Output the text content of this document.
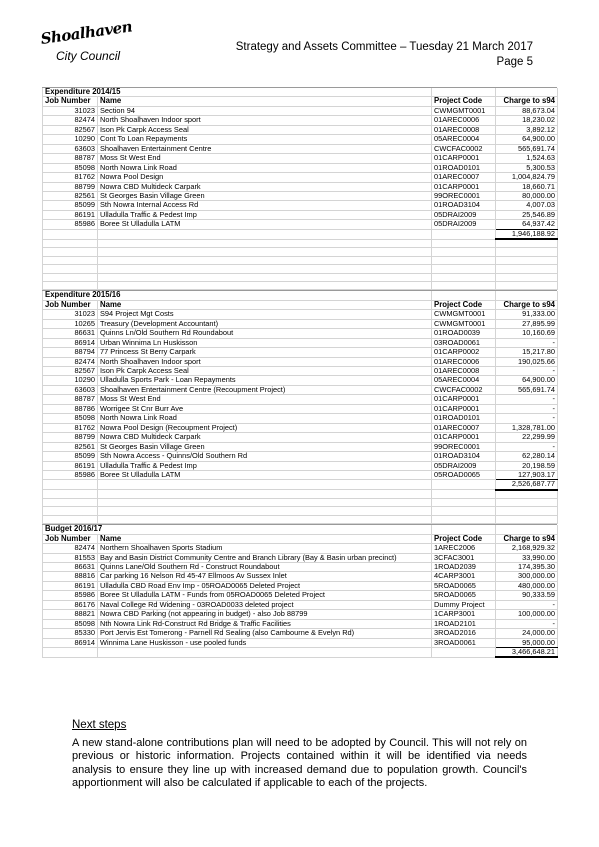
Shoalhaven
City Council
Strategy and Assets Committee – Tuesday 21 March 2017
Page 5
Expenditure 2014/15			
Job Number	Name	Project Code	Charge to s94
31023	Section 94	CWMGMT0001	88,673.04
82474	North Shoalhaven Indoor sport	01AREC0006	18,230.02
82567	Ison Pk Carpk Access Seal	01AREC0008	3,892.12
10290	Cont To Loan Repayments	05AREC0004	64,900.00
63603	Shoalhaven Entertainment Centre	CWCFAC0002	565,691.74
88787	Moss St West End	01CARP0001	1,524.63
85098	North Nowra Link Road	01ROAD0101	5,300.53
81762	Nowra Pool Design	01AREC0007	1,004,824.79
88799	Nowra CBD Multideck Carpark	01CARP0001	18,660.71
82561	St Georges Basin Village Green	99OREC0001	80,000.00
85099	Sth Nowra Internal Access Rd	01ROAD3104	4,007.03
86191	Ulladulla Traffic & Pedest Imp	05DRAI2009	25,546.89
85986	Boree St Ulladulla LATM	05DRAI2009	64,937.42
			1,946,188.92

Expenditure 2015/16			
Job Number	Name	Project Code	Charge to s94
31023	S94 Project Mgt Costs	CWMGMT0001	91,333.00
10265	Treasury (Development Accountant)	CWMGMT0001	27,895.99
86631	Quinns Ln/Old Southern Rd Roundabout	01ROAD0039	10,160.69
86914	Urban Winnima Ln Huskisson	03ROAD0061	-
88794	77 Princess St Berry Carpark	01CARP0002	15,217.80
82474	North Shoalhaven Indoor sport	01AREC0006	190,025.66
82567	Ison Pk Carpk Access Seal	01AREC0008	-
10290	Ulladulla Sports Park - Loan Repayments	05AREC0004	64,900.00
63603	Shoalhaven Entertainment Centre (Recoupment Project)	CWCFAC0002	565,691.74
88787	Moss St West End	01CARP0001	-
88786	Worrigee St Cnr Burr Ave	01CARP0001	-
85098	North Nowra Link Road	01ROAD0101	-
81762	Nowra Pool Design (Recoupment Project)	01AREC0007	1,328,781.00
88799	Nowra CBD Multideck Carpark	01CARP0001	22,299.99
82561	St Georges Basin Village Green	99OREC0001	-
85099	Sth Nowra Access - Quinns/Old Southern Rd	01ROAD3104	62,280.14
86191	Ulladulla Traffic & Pedest Imp	05DRAI2009	20,198.59
85986	Boree St Ulladulla LATM	05ROAD0065	127,903.17
			2,526,687.77

Budget 2016/17			
Job Number	Name	Project Code	Charge to s94
82474	Northern Shoalhaven Sports Stadium	1AREC2006	2,168,929.32
81553	Bay and Basin District Community Centre and Branch Library (Bay & Basin urban precinct)	3CFAC3001	33,990.00
86631	Quinns Lane/Old Southern Rd - Construct Roundabout	1ROAD2039	174,395.30
88816	Car parking 16 Nelson Rd 45-47 Ellmoos Av Sussex Inlet	4CARP3001	300,000.00
86191	Ulladulla CBD Road Env Imp - 05ROAD0065 Deleted Project	5ROAD0065	480,000.00
85986	Boree St Ulladulla LATM - Funds from 05ROAD0065 Deleted Project	5ROAD0065	90,333.59
86176	Naval College Rd Widening - 03ROAD0033 deleted project	Dummy Project	-
88821	Nowra CBD Parking (not appearing in budget) - also Job 88799	1CARP3001	100,000.00
85098	Nth Nowra Link Rd-Construct Rd Bridge & Traffic Facilities	1ROAD2101	-
85330	Port Jervis Est Tomerong - Parnell Rd Sealing (also Cambourne & Evelyn Rd)	3ROAD2016	24,000.00
86914	Winnima Lane Huskisson - use pooled funds	3ROAD0061	95,000.00
			3,466,648.21
Next steps
A new stand-alone contributions plan will need to be adopted by Council. This will not rely on previous or historic information. Projects contained within it will be identified via needs analysis to ensure they line up with increased demand due to population growth. Council's apportionment will also be calculated if applicable to each of the projects.
